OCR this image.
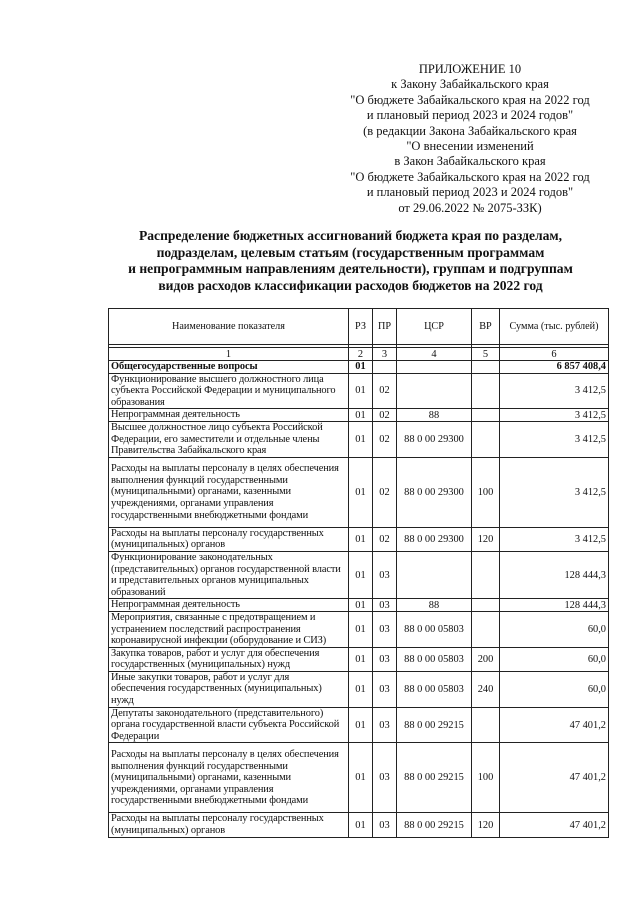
ПРИЛОЖЕНИЕ 10
к Закону Забайкальского края
"О бюджете Забайкальского края на 2022 год
и плановый период 2023 и 2024 годов"
(в редакции Закона Забайкальского края
"О внесении изменений
в Закон Забайкальского края
"О бюджете Забайкальского края на 2022 год
и плановый период 2023 и 2024 годов"
от 29.06.2022 № 2075-ЗЗК)
Распределение бюджетных ассигнований бюджета края по разделам,
подразделам, целевым статьям (государственным программам
и непрограммным направлениям деятельности), группам и подгруппам
видов расходов классификации расходов бюджетов на 2022 год
Наименование показателя	РЗ	ПР	ЦСР	ВР	Сумма (тыс. рублей)

1	2	3	4	5	6
Общегосударственные вопросы	01				6 857 408,4
Функционирование высшего должностного лица субъекта Российской Федерации и муниципального образования	01	02			3 412,5
Непрограммная деятельность	01	02	88		3 412,5
Высшее должностное лицо субъекта Российской Федерации, его заместители и отдельные члены Правительства Забайкальского края	01	02	88 0 00 29300		3 412,5
Расходы на выплаты персоналу в целях обеспечения выполнения функций государственными (муниципальными) органами, казенными учреждениями, органами управления государственными внебюджетными фондами	01	02	88 0 00 29300	100	3 412,5
Расходы на выплаты персоналу государственных (муниципальных) органов	01	02	88 0 00 29300	120	3 412,5
Функционирование законодательных (представительных) органов государственной власти и представительных органов муниципальных образований	01	03			128 444,3
Непрограммная деятельность	01	03	88		128 444,3
Мероприятия, связанные с предотвращением и устранением последствий распространения коронавирусной инфекции (оборудование и СИЗ)	01	03	88 0 00 05803		60,0
Закупка товаров, работ и услуг для обеспечения государственных (муниципальных) нужд	01	03	88 0 00 05803	200	60,0
Иные закупки товаров, работ и услуг для обеспечения государственных (муниципальных) нужд	01	03	88 0 00 05803	240	60,0
Депутаты законодательного (представительного) органа государственной власти субъекта Российской Федерации	01	03	88 0 00 29215		47 401,2
Расходы на выплаты персоналу в целях обеспечения выполнения функций государственными (муниципальными) органами, казенными учреждениями, органами управления государственными внебюджетными фондами	01	03	88 0 00 29215	100	47 401,2
Расходы на выплаты персоналу государственных (муниципальных) органов	01	03	88 0 00 29215	120	47 401,2
